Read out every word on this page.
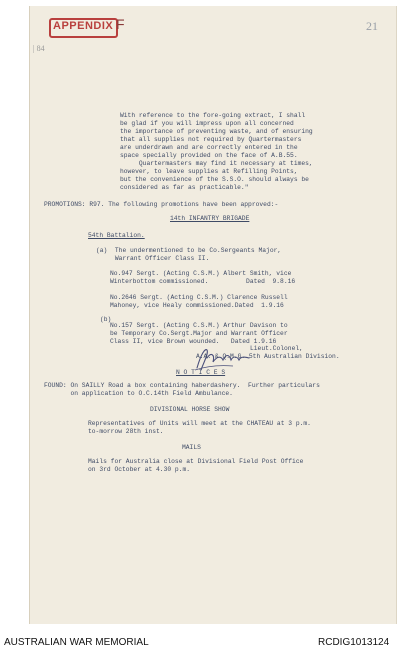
APPENDIX F	21
| 84
With reference to the fore-going extract, I shall
be glad if you will impress upon all concerned
the importance of preventing waste, and of ensuring
that all supplies not required by Quartermasters
are underdrawn and are correctly entered in the
space specially provided on the face of A.B.55.
Quartermasters may find it necessary at times,
however, to leave supplies at Refilling Points,
but the convenience of the S.S.O. should always be
considered as far as practicable."
PROMOTIONS: R97. The following promotions have been approved:-
14th INFANTRY BRIGADE
54th Battalion.
(a)  The undermentioned to be Co.Sergeants Major,
Warrant Officer Class II.
No.947 Sergt. (Acting C.S.M.) Albert Smith, vice
Winterbottom commissioned.          Dated  9.8.16
No.2646 Sergt. (Acting C.S.M.) Clarence Russell
Mahoney, vice Healy commissioned.Dated  1.9.16
(b)
No.157 Sergt. (Acting C.S.M.) Arthur Davison to
be Temporary Co.Sergt.Major and Warrant Officer
Class II, vice Brown wounded.   Dated 1.9.16
Lieut.Colonel,
A.A. & Q.M.G. 5th Australian Division.
N O T I C E S
FOUND: On SAILLY Road a box containing haberdashery.  Further particulars
on application to O.C.14th Field Ambulance.
DIVISIONAL HORSE SHOW
Representatives of Units will meet at the CHATEAU at 3 p.m.
to-morrow 28th inst.
MAILS
Mails for Australia close at Divisional Field Post Office
on 3rd October at 4.30 p.m.
AUSTRALIAN WAR MEMORIAL	RCDIG1013124
